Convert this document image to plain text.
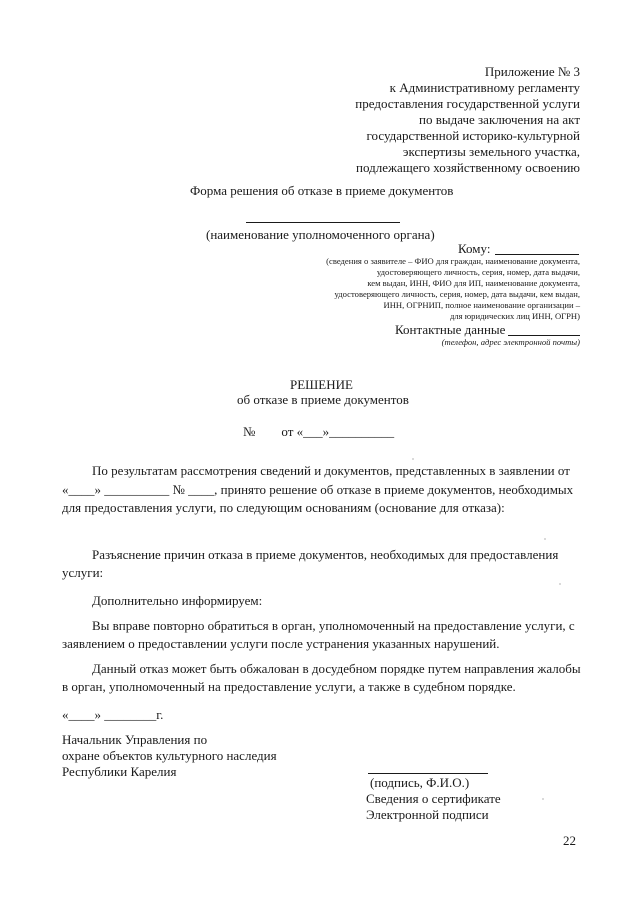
Приложение № 3
к Административному регламенту
предоставления государственной услуги
по выдаче заключения на акт
государственной историко-культурной
экспертизы земельного участка,
подлежащего хозяйственному освоению
Форма решения об отказе в приеме документов
(наименование уполномоченного органа)
Кому:
(сведения о заявителе – ФИО для граждан, наименование документа,
удостоверяющего личность, серия, номер, дата выдачи,
кем выдан, ИНН, ФИО для ИП, наименование документа,
удостоверяющего личность, серия, номер, дата выдачи, кем выдан,
ИНН, ОГРНИП, полное наименование организации –
для юридических лиц ИНН, ОГРН)
Контактные данные
(телефон, адрес электронной почты)
РЕШЕНИЕ
об отказе в приеме документов
№        от «___»__________
По результатам рассмотрения сведений и документов, представленных в заявлении от
«____» __________ № ____, принято решение об отказе в приеме документов, необходимых
для предоставления услуги, по следующим основаниям (основание для отказа):
Разъяснение причин отказа в приеме документов, необходимых для предоставления
услуги:
Дополнительно информируем:
Вы вправе повторно обратиться в орган, уполномоченный на предоставление услуги, с
заявлением о предоставлении услуги после устранения указанных нарушений.
Данный отказ может быть обжалован в досудебном порядке путем направления жалобы
в орган, уполномоченный на предоставление услуги, а также в судебном порядке.
«____» ________г.
Начальник Управления по
охране объектов культурного наследия
Республики Карелия
(подпись, Ф.И.О.)
Сведения о сертификате
Электронной подписи
22
